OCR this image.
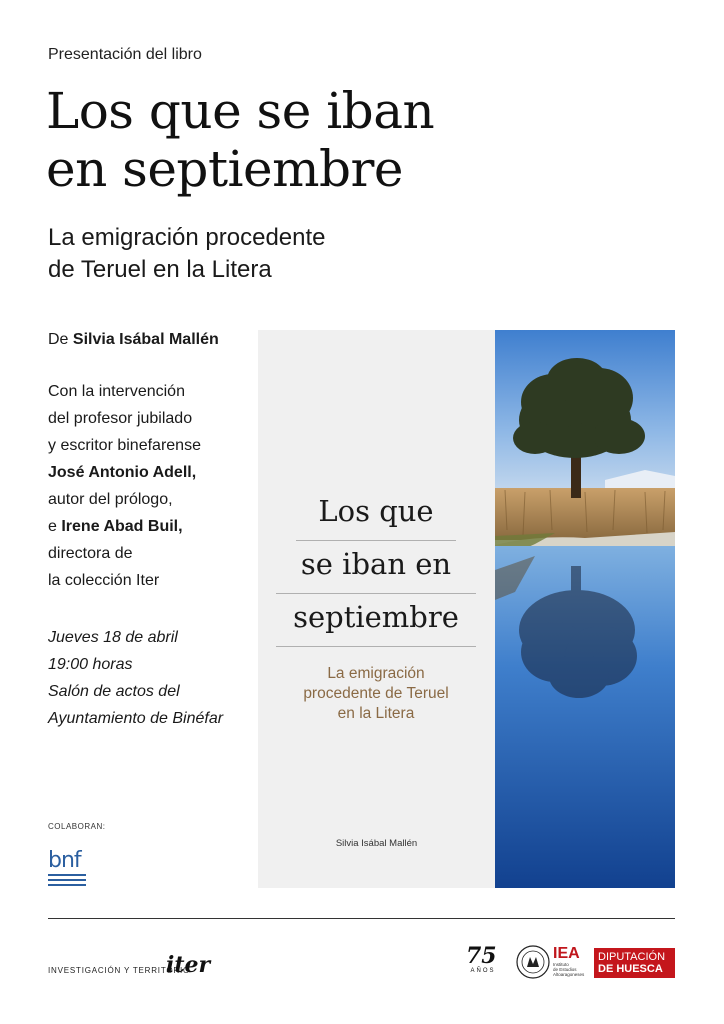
Presentación del libro
Los que se iban
en septiembre
La emigración procedente
de Teruel en la Litera
De Silvia Isábal Mallén
Con la intervención
del profesor jubilado
y escritor binefarense
José Antonio Adell,
autor del prólogo,
e Irene Abad Buil,
directora de
la colección Iter
Jueves 18 de abril
19:00 horas
Salón de actos del
Ayuntamiento de Binéfar
COLABORAN:
bnf
Los que
se iban en
septiembre
La emigración
procedente de Teruel
en la Litera
Silvia Isábal Mallén
INVESTIGACIÓN Y TERRITORIO
iter	75
AÑOS
IEA
Instituto
de Estudios
Altoaragoneses
DIPUTACIÓN
DE HUESCA
